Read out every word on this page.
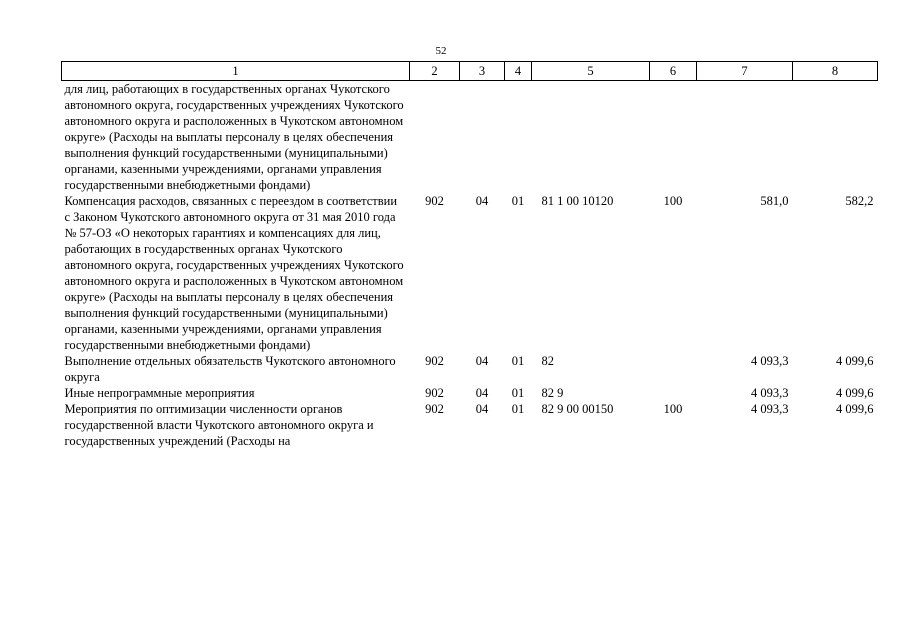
52
1	2	3	4	5	6	7	8
для лиц, работающих в государственных органах Чукотского автономного округа, государственных учреждениях Чукотского автономного округа и расположенных в Чукотском автономном округе» (Расходы на выплаты персоналу в целях обеспечения выполнения функций государственными (муниципальными) органами, казенными учреждениями, органами управления государственными внебюджетными фондами)							
Компенсация расходов, связанных с переездом в соответствии с Законом Чукотского автономного округа от 31 мая 2010 года № 57-ОЗ «О некоторых гарантиях и компенсациях для лиц, работающих в государственных органах Чукотского автономного округа, государственных учреждениях Чукотского автономного округа и расположенных в Чукотском автономном округе» (Расходы на выплаты персоналу в целях обеспечения выполнения функций государственными (муниципальными) органами, казенными учреждениями, органами управления государственными внебюджетными фондами)	902	04	01	81 1 00 10120	100	581,0	582,2
Выполнение отдельных обязательств Чукотского автономного округа	902	04	01	82		4 093,3	4 099,6
Иные непрограммные мероприятия	902	04	01	82 9		4 093,3	4 099,6
Мероприятия по оптимизации численности органов государственной власти Чукотского автономного округа и государственных учреждений (Расходы на	902	04	01	82 9 00 00150	100	4 093,3	4 099,6
